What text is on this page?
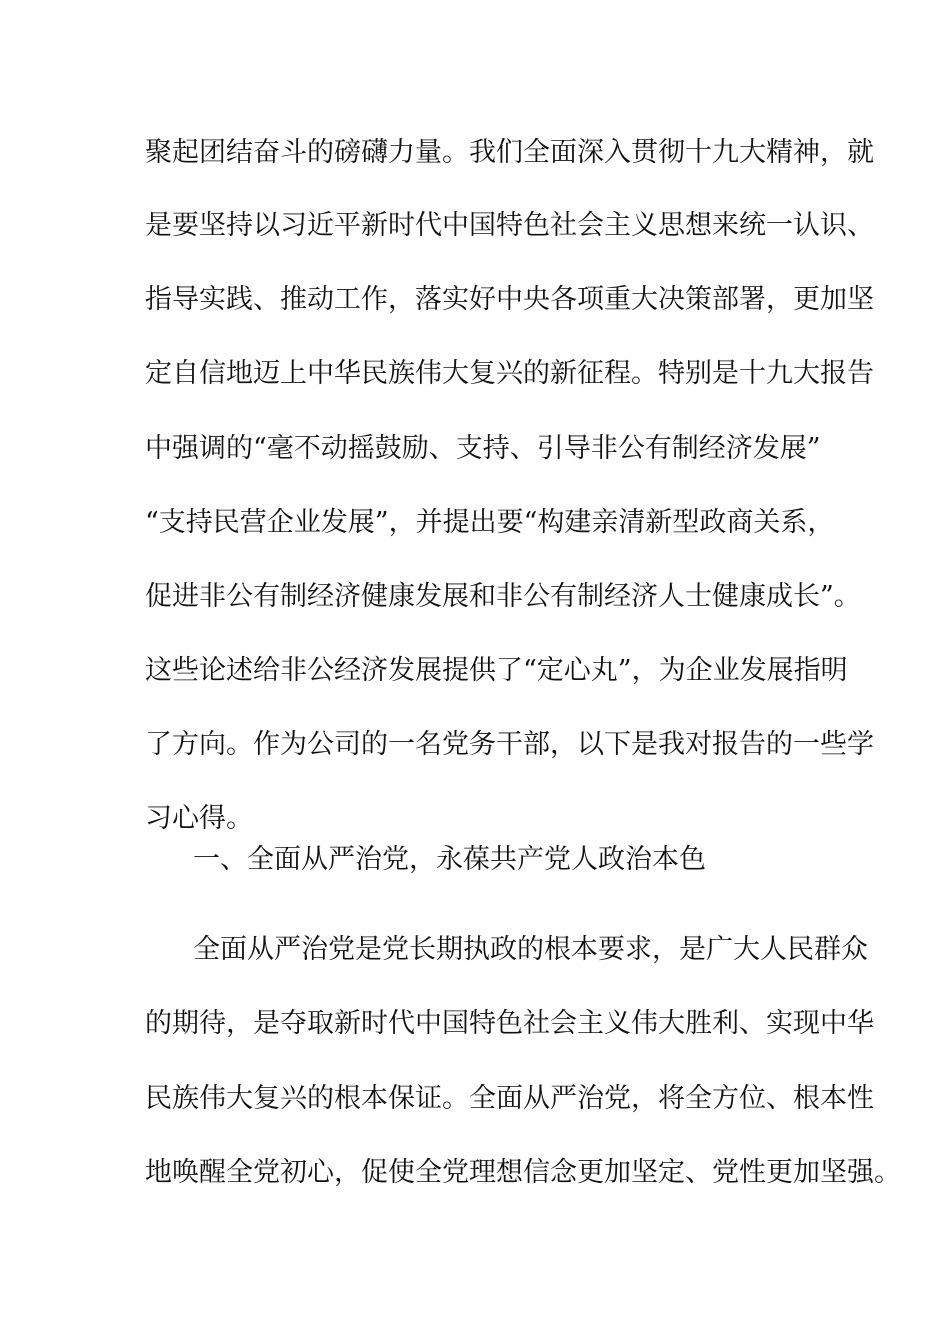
聚起团结奋斗的磅礴力量。我们全面深入贯彻十九大精神，就
是要坚持以习近平新时代中国特色社会主义思想来统一认识、
指导实践、推动工作，落实好中央各项重大决策部署，更加坚
定自信地迈上中华民族伟大复兴的新征程。特别是十九大报告
中强调的“毫不动摇鼓励、支持、引导非公有制经济发展”
“支持民营企业发展”，并提出要“构建亲清新型政商关系，
促进非公有制经济健康发展和非公有制经济人士健康成长”。
这些论述给非公经济发展提供了“定心丸”，为企业发展指明
了方向。作为公司的一名党务干部，以下是我对报告的一些学
习心得。
一、全面从严治党，永葆共产党人政治本色
全面从严治党是党长期执政的根本要求，是广大人民群众
的期待，是夺取新时代中国特色社会主义伟大胜利、实现中华
民族伟大复兴的根本保证。全面从严治党，将全方位、根本性
地唤醒全党初心，促使全党理想信念更加坚定、党性更加坚强。
